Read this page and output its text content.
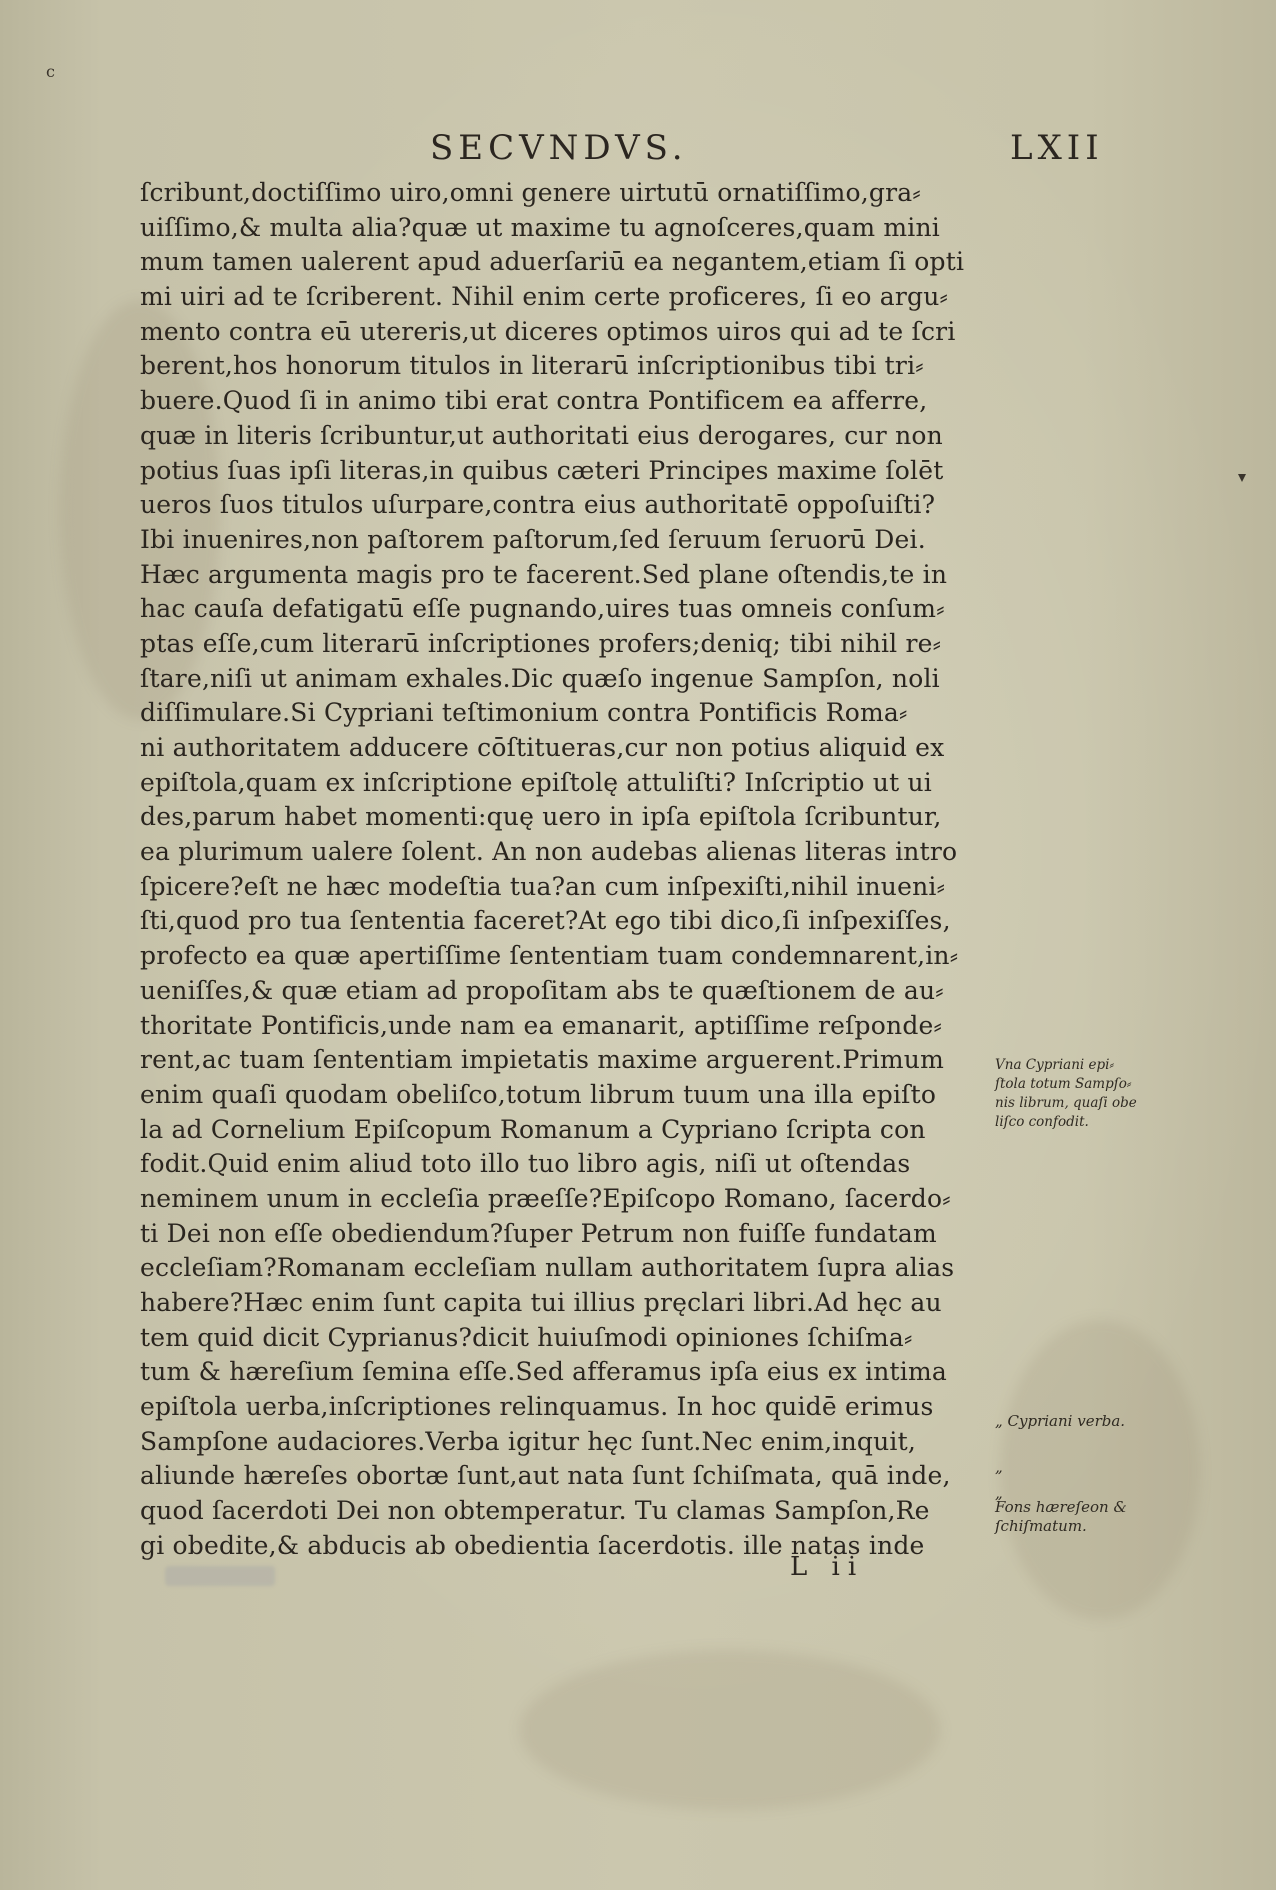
c
SECVNDVS.	LXII
ſcribunt,doctiſſimo uiro,omni genere uirtutū ornatiſſimo,gra⸗
uiſſimo,& multa alia?quæ ut maxime tu agnoſceres,quam mini
mum tamen ualerent apud aduerſariū ea negantem,etiam ſi opti
mi uiri ad te ſcriberent. Nihil enim certe proficeres, ſi eo argu⸗
mento contra eū utereris,ut diceres optimos uiros qui ad te ſcri
berent,hos honorum titulos in literarū inſcriptionibus tibi tri⸗
buere.Quod ſi in animo tibi erat contra Pontificem ea afferre,
quæ in literis ſcribuntur,ut authoritati eius derogares, cur non
potius ſuas ipſi literas,in quibus cæteri Principes maxime ſolēt
ueros ſuos titulos uſurpare,contra eius authoritatē oppoſuiſti?
Ibi inuenires,non paſtorem paſtorum,ſed ſeruum ſeruorū Dei.
Hæc argumenta magis pro te facerent.Sed plane oſtendis,te in
hac cauſa defatigatū eſſe pugnando,uires tuas omneis conſum⸗
ptas eſſe,cum literarū inſcriptiones profers;deniq; tibi nihil re⸗
ſtare,niſi ut animam exhales.Dic quæſo ingenue Sampſon, noli
diſſimulare.Si Cypriani teſtimonium contra Pontificis Roma⸗
ni authoritatem adducere cōſtitueras,cur non potius aliquid ex
epiſtola,quam ex inſcriptione epiſtolę attuliſti? Inſcriptio ut ui
des,parum habet momenti:quę uero in ipſa epiſtola ſcribuntur,
ea plurimum ualere ſolent. An non audebas alienas literas intro
ſpicere?eſt ne hæc modeſtia tua?an cum inſpexiſti,nihil inueni⸗
ſti,quod pro tua ſententia faceret?At ego tibi dico,ſi inſpexiſſes,
profecto ea quæ apertiſſime ſententiam tuam condemnarent,in⸗
ueniſſes,& quæ etiam ad propoſitam abs te quæſtionem de au⸗
thoritate Pontificis,unde nam ea emanarit, aptiſſime reſponde⸗
rent,ac tuam ſententiam impietatis maxime arguerent.Primum
enim quaſi quodam obeliſco,totum librum tuum una illa epiſto
la ad Cornelium Epiſcopum Romanum a Cypriano ſcripta con
fodit.Quid enim aliud toto illo tuo libro agis, niſi ut oſtendas
neminem unum in eccleſia præeſſe?Epiſcopo Romano, ſacerdo⸗
ti Dei non eſſe obediendum?ſuper Petrum non fuiſſe fundatam
eccleſiam?Romanam eccleſiam nullam authoritatem ſupra alias
habere?Hæc enim ſunt capita tui illius pręclari libri.Ad hęc au
tem quid dicit Cyprianus?dicit huiuſmodi opiniones ſchiſma⸗
tum & hæreſium ſemina eſſe.Sed afferamus ipſa eius ex intima
epiſtola uerba,inſcriptiones relinquamus. In hoc quidē erimus
Sampſone audaciores.Verba igitur hęc ſunt.Nec enim,inquit,
aliunde hæreſes obortæ ſunt,aut nata ſunt ſchiſmata, quā inde,
quod ſacerdoti Dei non obtemperatur. Tu clamas Sampſon,Re
gi obedite,& abducis ab obedientia ſacerdotis. ille natas inde
Vna Cypriani epi⸗
ſtola totum Sampſo⸗
nis librum, quaſi obe
liſco confodit.
„ Cypriani verba.
„
„
Fons hæreſeon &
ſchiſmatum.
L ii
